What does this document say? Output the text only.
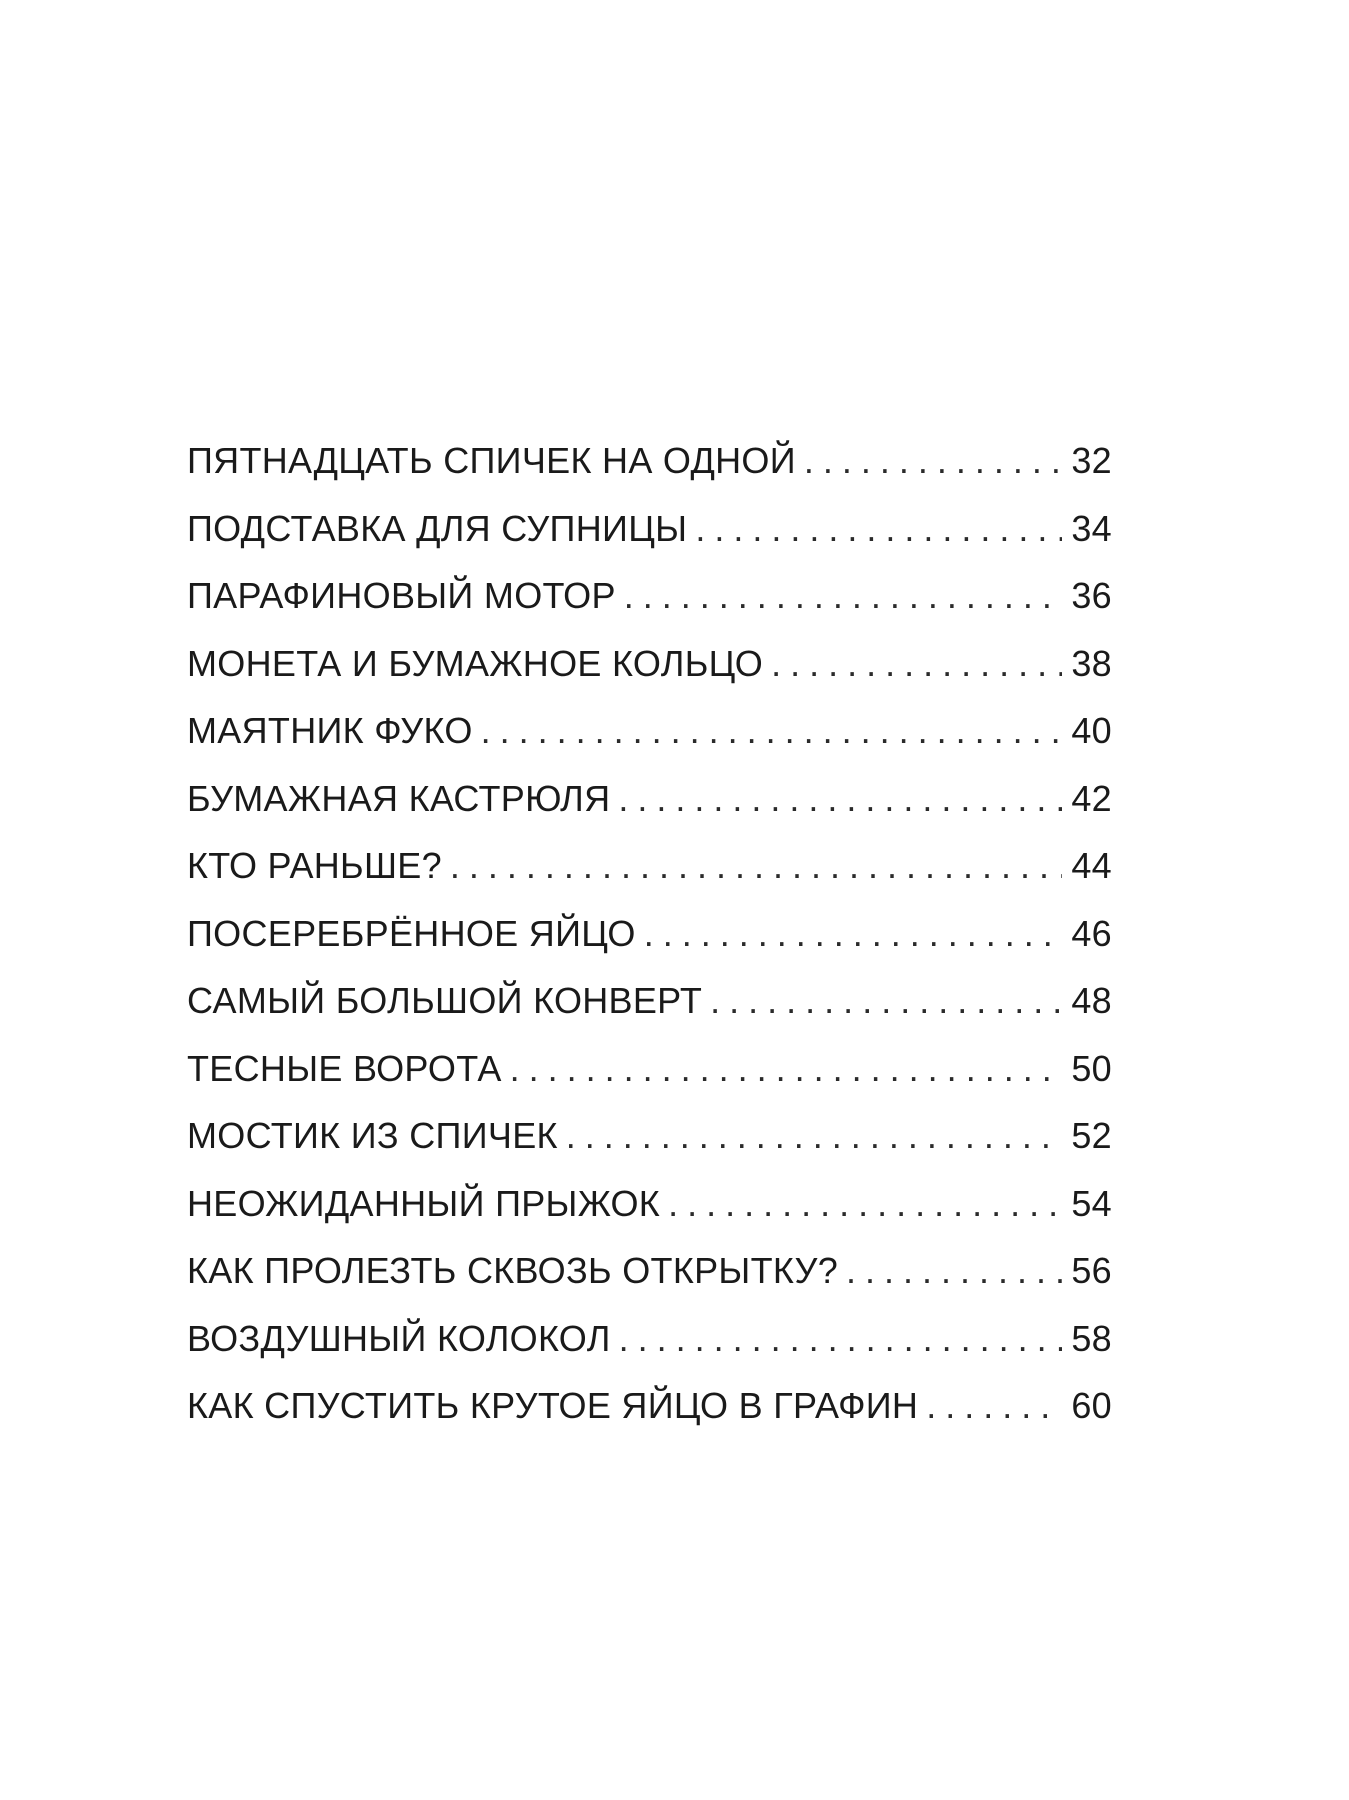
ПЯТНАДЦАТЬ СПИЧЕК НА ОДНОЙ .....	32
ПОДСТАВКА ДЛЯ СУПНИЦЫ .....	34
ПАРАФИНОВЫЙ МОТОР .....	36
МОНЕТА И БУМАЖНОЕ КОЛЬЦО .....	38
МАЯТНИК ФУКО .....	40
БУМАЖНАЯ КАСТРЮЛЯ .....	42
КТО РАНЬШЕ? .....	44
ПОСЕРЕБРЁННОЕ ЯЙЦО .....	46
САМЫЙ БОЛЬШОЙ КОНВЕРТ .....	48
ТЕСНЫЕ ВОРОТА .....	50
МОСТИК ИЗ СПИЧЕК .....	52
НЕОЖИДАННЫЙ ПРЫЖОК .....	54
КАК ПРОЛЕЗТЬ СКВОЗЬ ОТКРЫТКУ? .....	56
ВОЗДУШНЫЙ КОЛОКОЛ .....	58
КАК СПУСТИТЬ КРУТОЕ ЯЙЦО В ГРАФИН .....	60
